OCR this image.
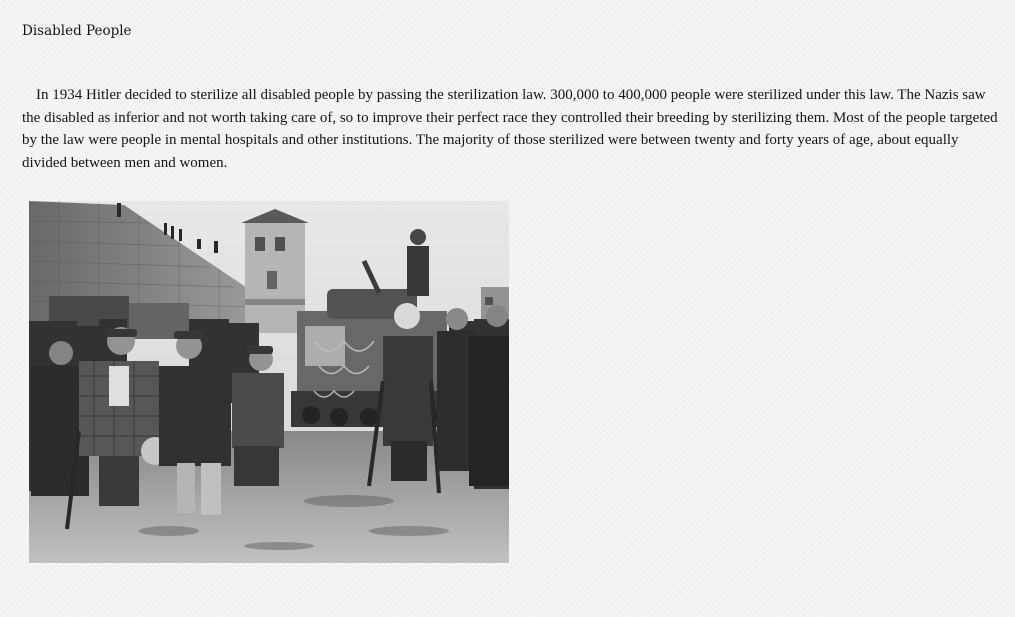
Disabled People

In 1934 Hitler decided to sterilize all disabled people by passing the sterilization law. 300,000 to 400,000 people were sterilized under this law. The Nazis saw the disabled as inferior and not worth taking care of, so to improve their perfect race they controlled their breeding by sterilizing them. Most of the people targeted by the law were people in mental hospitals and other institutions. The majority of those sterilized were between twenty and forty years of age, about equally divided between men and women.
